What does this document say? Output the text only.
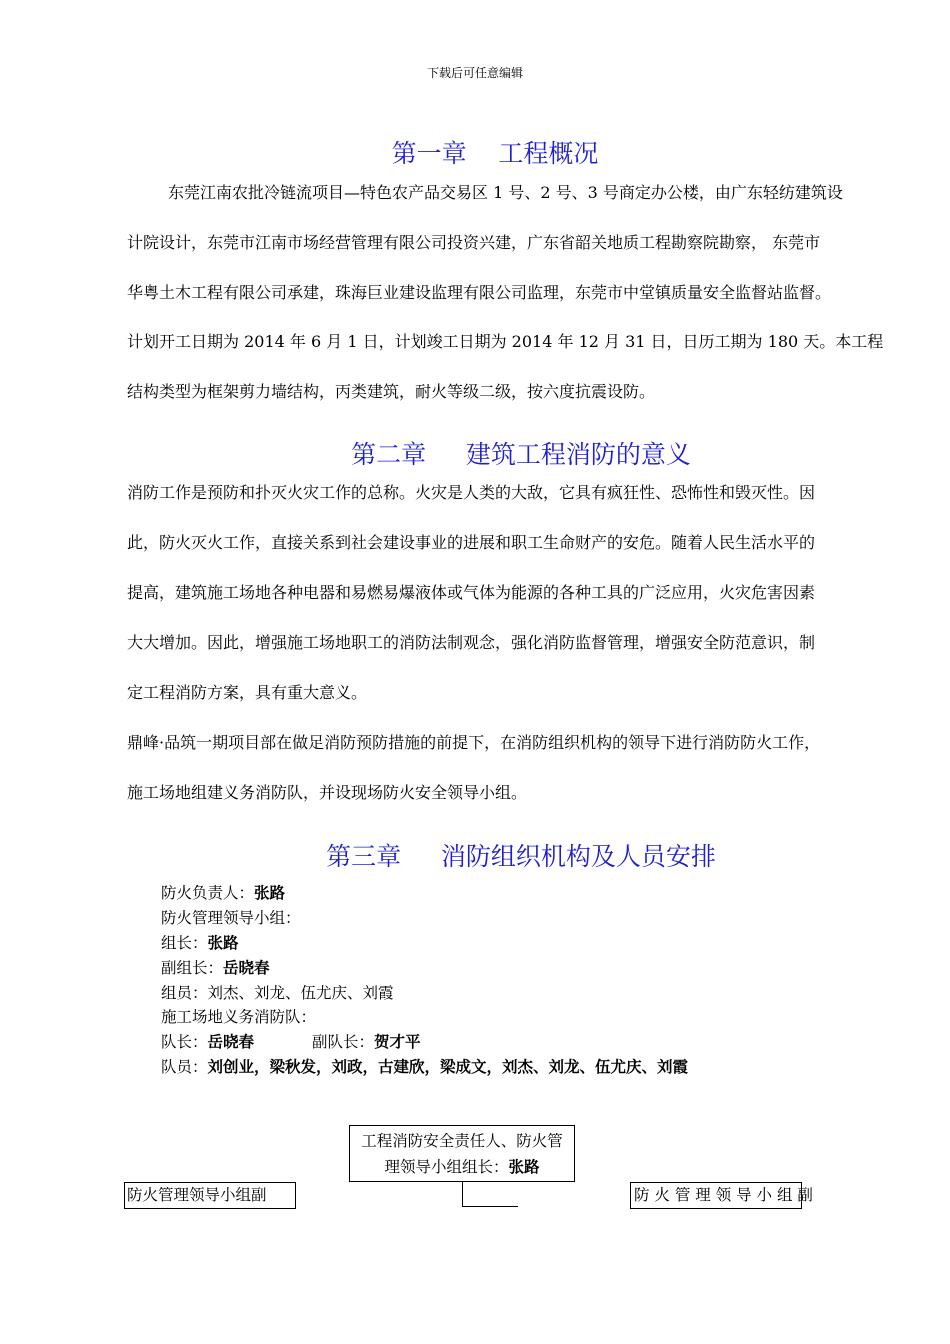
下载后可任意编辑
第一章    工程概况
东莞江南农批冷链流项目—特色农产品交易区 1 号、2 号、3 号商定办公楼，由广东轻纺建筑设
计院设计，东莞市江南市场经营管理有限公司投资兴建，广东省韶关地质工程勘察院勘察， 东莞市
华粤土木工程有限公司承建，珠海巨业建设监理有限公司监理，东莞市中堂镇质量安全监督站监督。
计划开工日期为 2014 年 6 月 1 日，计划竣工日期为 2014 年 12 月 31 日，日历工期为 180 天。本工程
结构类型为框架剪力墙结构，丙类建筑，耐火等级二级，按六度抗震设防。
第二章     建筑工程消防的意义
消防工作是预防和扑灭火灾工作的总称。火灾是人类的大敌，它具有疯狂性、恐怖性和毁灭性。因
此，防火灭火工作，直接关系到社会建设事业的进展和职工生命财产的安危。随着人民生活水平的
提高，建筑施工场地各种电器和易燃易爆液体或气体为能源的各种工具的广泛应用，火灾危害因素
大大增加。因此，增强施工场地职工的消防法制观念，强化消防监督管理，增强安全防范意识，制
定工程消防方案，具有重大意义。
鼎峰·品筑一期项目部在做足消防预防措施的前提下，在消防组织机构的领导下进行消防防火工作，
施工场地组建义务消防队，并设现场防火安全领导小组。
第三章     消防组织机构及人员安排
防火负责人：张路
防火管理领导小组：
组长：张路
副组长：岳晓春
组员：刘杰、刘龙、伍尤庆、刘霞
施工场地义务消防队：
队长：岳晓春	副队长：贺才平
队员：刘创业，梁秋发，刘政，古建欣，梁成文，刘杰、刘龙、伍尤庆、刘霞
工程消防安全责任人、防火管
理领导小组组长：张路
防火管理领导小组副	防 火 管 理 领 导 小 组 副
